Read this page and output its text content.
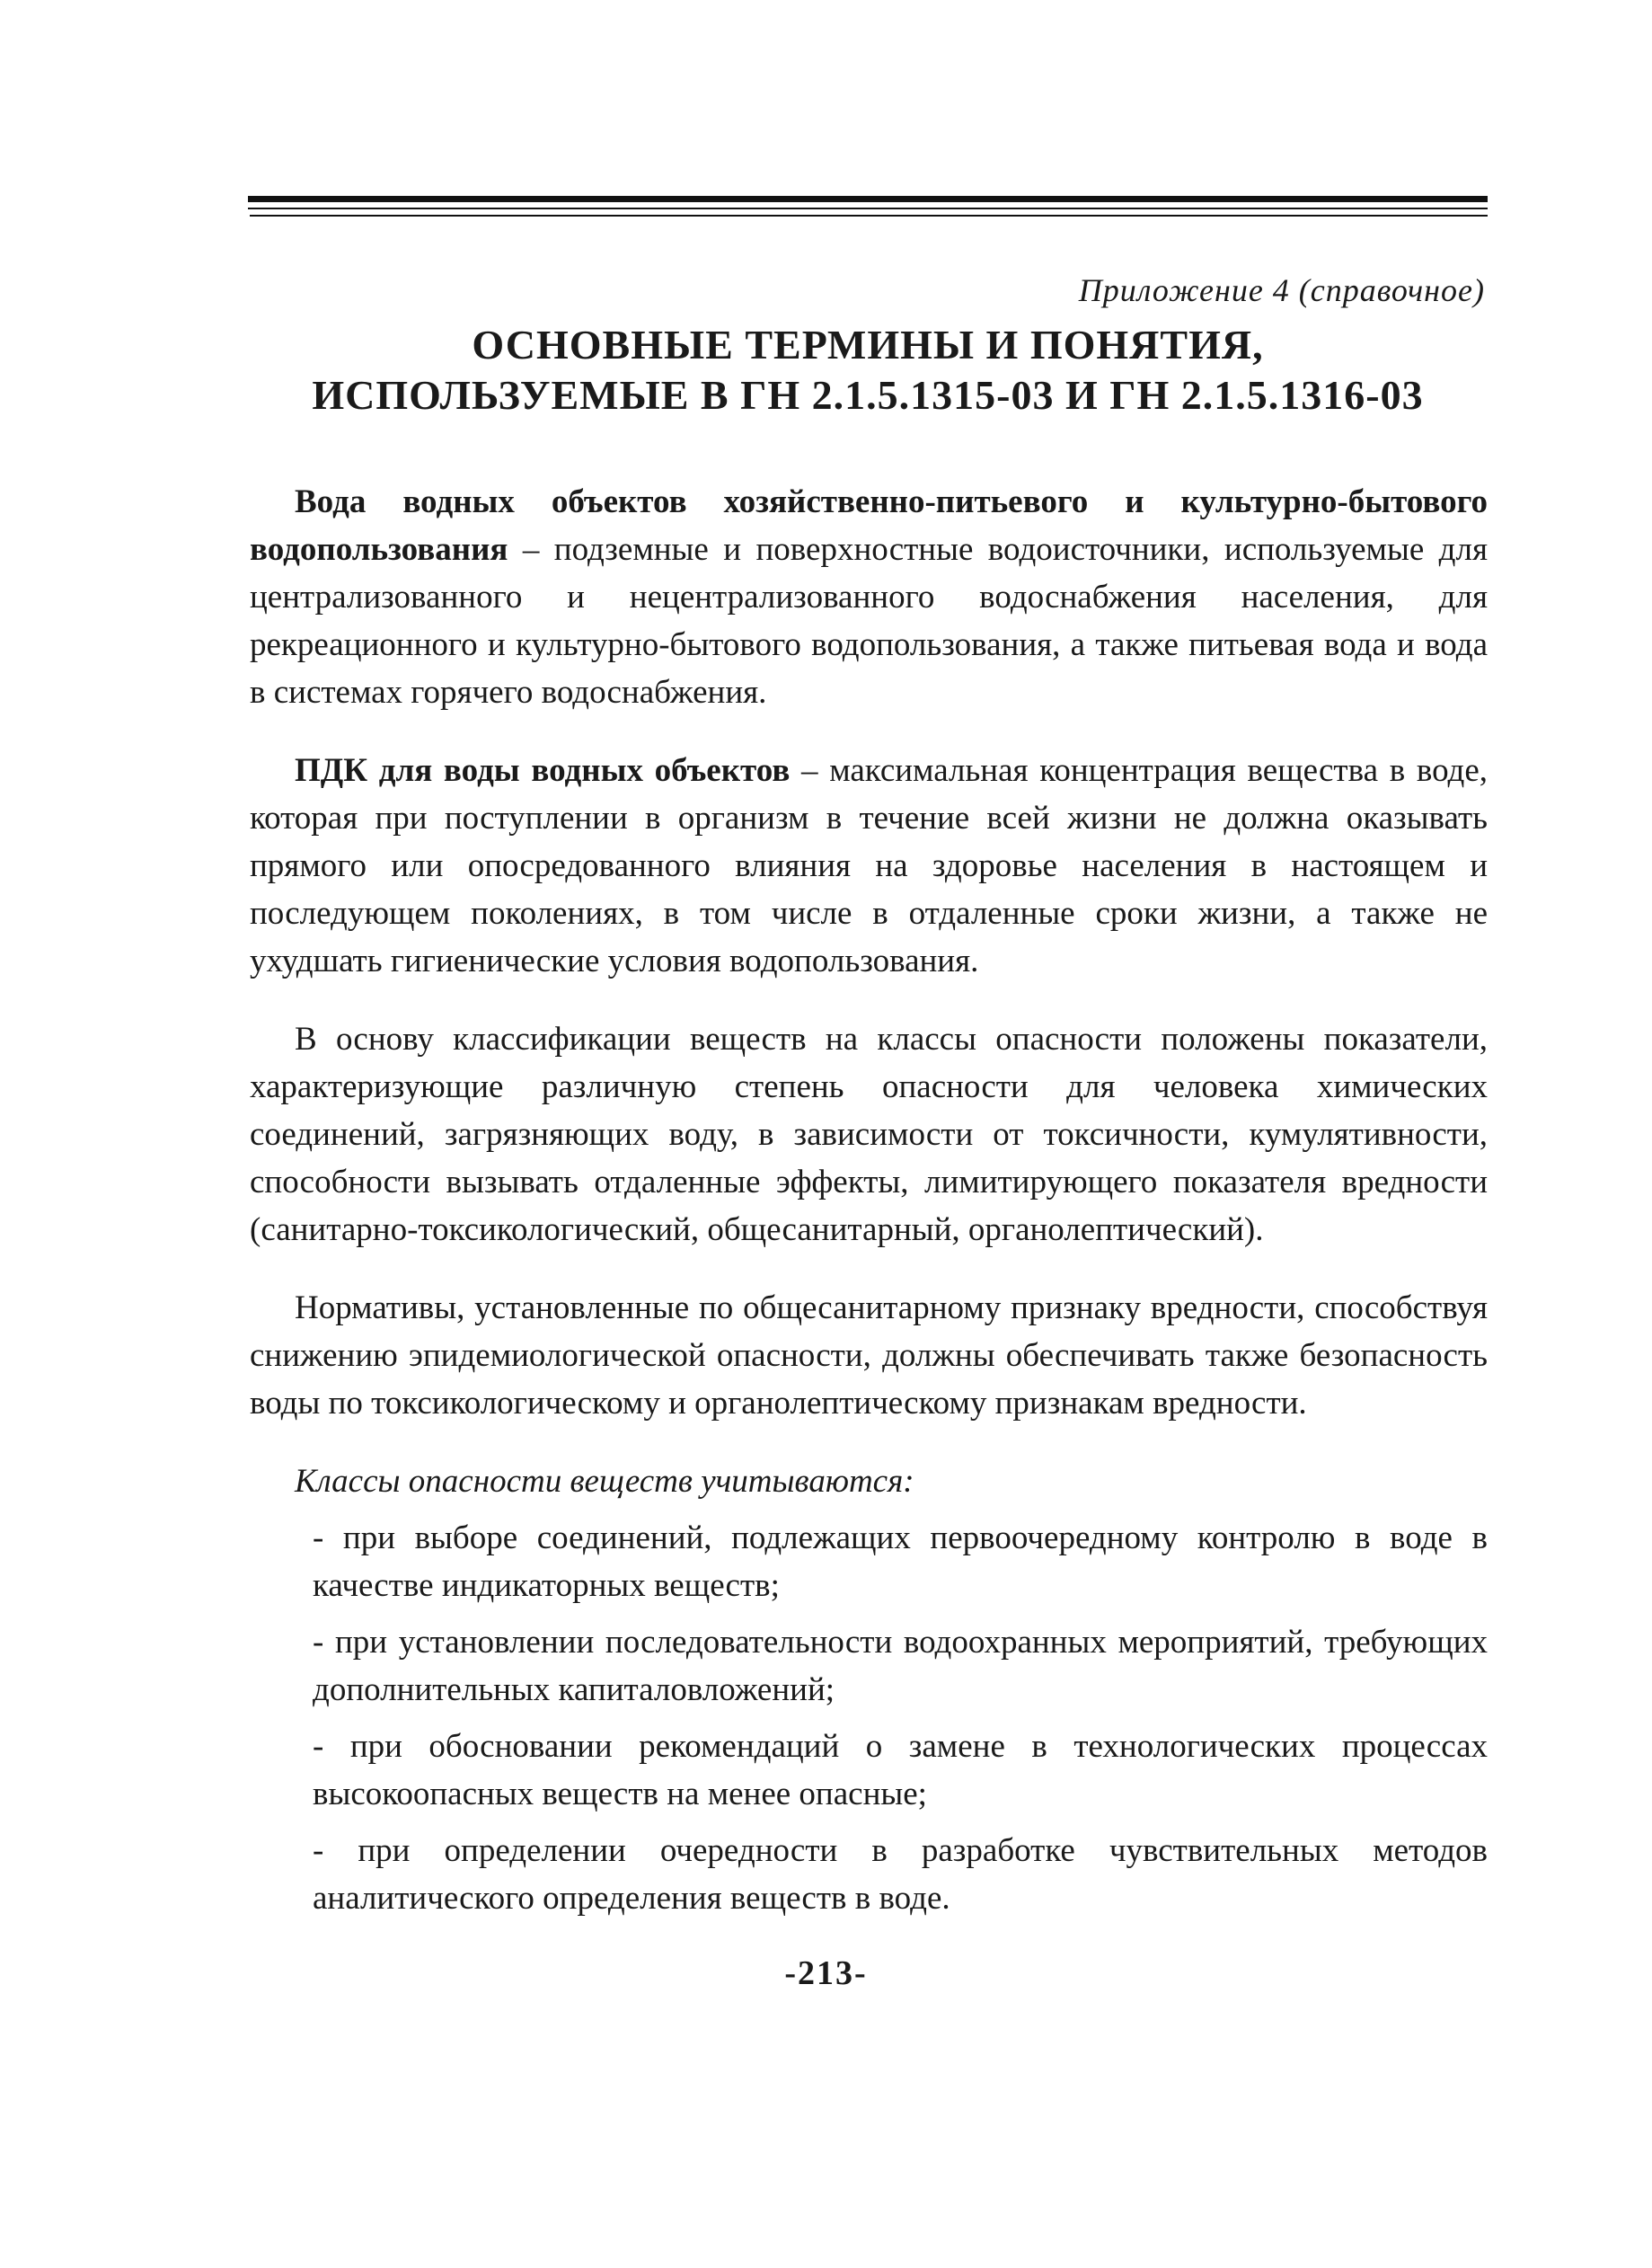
Приложение 4 (справочное)
ОСНОВНЫЕ ТЕРМИНЫ И ПОНЯТИЯ,
ИСПОЛЬЗУЕМЫЕ В ГН 2.1.5.1315-03 И ГН 2.1.5.1316-03

Вода водных объектов хозяйственно-питьевого и культурно-бытового водопользования – подземные и поверхностные водоисточники, используемые для централизованного и нецентрализованного водоснабжения населения, для рекреационного и культурно-бытового водопользования, а также питьевая вода и вода в системах горячего водоснабжения.

ПДК для воды водных объектов – максимальная концентрация вещества в воде, которая при поступлении в организм в течение всей жизни не должна оказывать прямого или опосредованного влияния на здоровье населения в настоящем и последующем поколениях, в том числе в отдаленные сроки жизни, а также не ухудшать гигиенические условия водопользования.

В основу классификации веществ на классы опасности положены показатели, характеризующие различную степень опасности для человека химических соединений, загрязняющих воду, в зависимости от токсичности, кумулятивности, способности вызывать отдаленные эффекты, лимитирующего показателя вредности (санитарно-токсикологический, общесанитарный, органолептический).

Нормативы, установленные по общесанитарному признаку вредности, способствуя снижению эпидемиологической опасности, должны обеспечивать также безопасность воды по токсикологическому и органолептическому признакам вредности.

Классы опасности веществ учитываются:

- при выборе соединений, подлежащих первоочередному контролю в воде в качестве индикаторных веществ;
- при установлении последовательности водоохранных мероприятий, требующих дополнительных капиталовложений;
- при обосновании рекомендаций о замене в технологических процессах высокоопасных веществ на менее опасные;
- при определении очередности в разработке чувствительных методов аналитического определения веществ в воде.
-213-
